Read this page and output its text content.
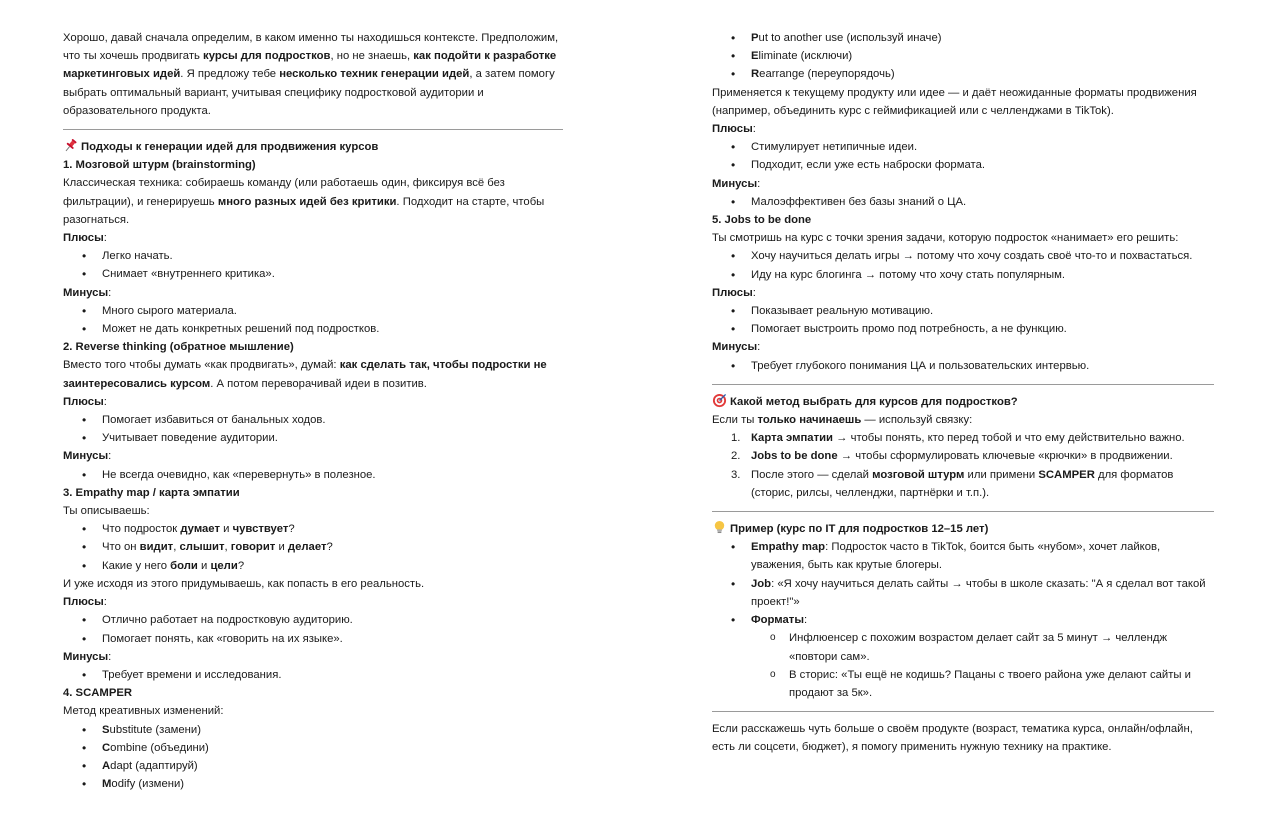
Хорошо, давай сначала определим, в каком именно ты находишься контексте. Предположим, что ты хочешь продвигать курсы для подростков, но не знаешь, как подойти к разработке маркетинговых идей. Я предложу тебе несколько техник генерации идей, а затем помогу выбрать оптимальный вариант, учитывая специфику подростковой аудитории и образовательного продукта.

Подходы к генерации идей для продвижения курсов

1. Мозговой штурм (brainstorming)

Классическая техника: собираешь команду (или работаешь один, фиксируя всё без фильтрации), и генерируешь много разных идей без критики. Подходит на старте, чтобы разогнаться.

Плюсы:

• Легко начать.
• Снимает «внутреннего критика».

Минусы:

• Много сырого материала.
• Может не дать конкретных решений под подростков.

2. Reverse thinking (обратное мышление)

Вместо того чтобы думать «как продвигать», думай: как сделать так, чтобы подростки не заинтересовались курсом. А потом переворачивай идеи в позитив.

Плюсы:

• Помогает избавиться от банальных ходов.
• Учитывает поведение аудитории.

Минусы:

• Не всегда очевидно, как «перевернуть» в полезное.

3. Empathy map / карта эмпатии

Ты описываешь:

• Что подросток думает и чувствует?
• Что он видит, слышит, говорит и делает?
• Какие у него боли и цели?

И уже исходя из этого придумываешь, как попасть в его реальность.

Плюсы:

• Отлично работает на подростковую аудиторию.
• Помогает понять, как «говорить на их языке».

Минусы:

• Требует времени и исследования.

4. SCAMPER

Метод креативных изменений:

• Substitute (замени)
• Combine (объедини)
• Adapt (адаптируй)
• Modify (измени)
• Put to another use (используй иначе)
• Eliminate (исключи)
• Rearrange (переупорядочь)

Применяется к текущему продукту или идее — и даёт неожиданные форматы продвижения (например, объединить курс с геймификацией или с челленджами в TikTok).

Плюсы:

• Стимулирует нетипичные идеи.
• Подходит, если уже есть наброски формата.

Минусы:

• Малоэффективен без базы знаний о ЦА.

5. Jobs to be done

Ты смотришь на курс с точки зрения задачи, которую подросток «нанимает» его решить:

• Хочу научиться делать игры → потому что хочу создать своё что-то и похвастаться.
• Иду на курс блогинга → потому что хочу стать популярным.

Плюсы:

• Показывает реальную мотивацию.
• Помогает выстроить промо под потребность, а не функцию.

Минусы:

• Требует глубокого понимания ЦА и пользовательских интервью.

Какой метод выбрать для курсов для подростков?

Если ты только начинаешь — используй связку:

1. Карта эмпатии → чтобы понять, кто перед тобой и что ему действительно важно.
2. Jobs to be done → чтобы сформулировать ключевые «крючки» в продвижении.
3. После этого — сделай мозговой штурм или примени SCAMPER для форматов (сторис, рилсы, челленджи, партнёрки и т.п.).

Пример (курс по IT для подростков 12–15 лет)

• Empathy map: Подросток часто в TikTok, боится быть «нубом», хочет лайков, уважения, быть как крутые блогеры.
• Job: «Я хочу научиться делать сайты → чтобы в школе сказать: "А я сделал вот такой проект!"»
• Форматы:
o Инфлюенсер с похожим возрастом делает сайт за 5 минут → челлендж «повтори сам».
o В сторис: «Ты ещё не кодишь? Пацаны с твоего района уже делают сайты и продают за 5к».

Если расскажешь чуть больше о своём продукте (возраст, тематика курса, онлайн/офлайн, есть ли соцсети, бюджет), я помогу применить нужную технику на практике.
